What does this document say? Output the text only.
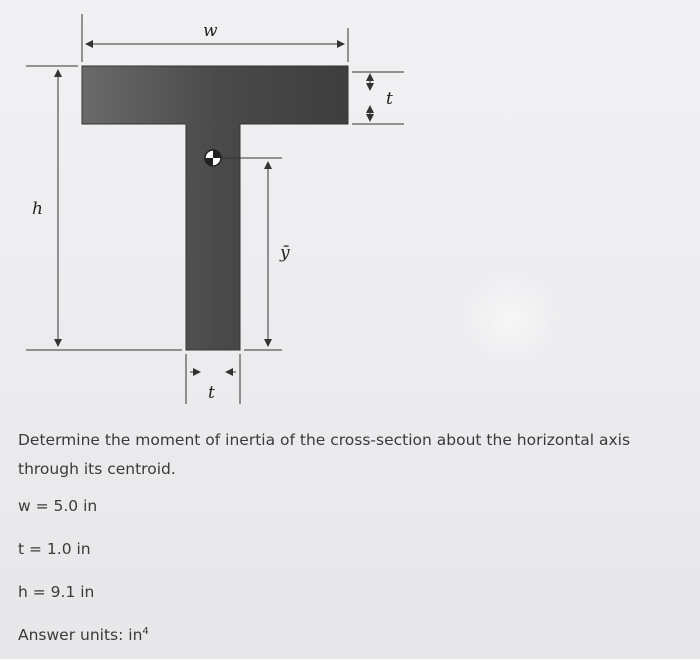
w
t
h
ȳ
t
Determine the moment of inertia of the cross-section about the horizontal axis through its centroid.
w = 5.0 in
t = 1.0 in
h = 9.1 in
Answer units: $in^4$
